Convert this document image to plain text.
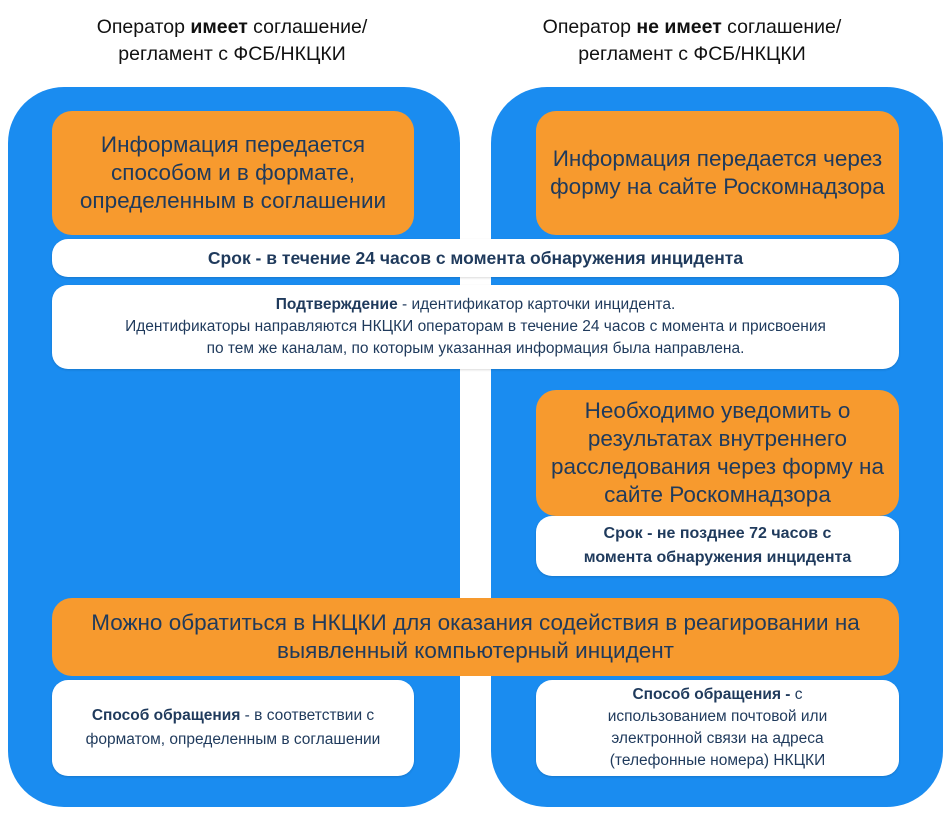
Оператор имеет соглашение/
регламент с ФСБ/НКЦКИ
Оператор не имеет соглашение/
регламент с ФСБ/НКЦКИ
Информация передается способом и в формате, определенным в соглашении
Информация передается через форму на сайте Роскомнадзора
Срок - в течение 24 часов с момента обнаружения инцидента
Подтверждение - идентификатор карточки инцидента.
Идентификаторы направляются НКЦКИ операторам в течение 24 часов с момента и присвоения
по тем же каналам, по которым указанная информация была направлена.
Необходимо уведомить о результатах внутреннего расследования через форму на сайте Роскомнадзора
Срок - не позднее 72 часов с
момента обнаружения инцидента
Можно обратиться в НКЦКИ для оказания содействия в реагировании на выявленный компьютерный инцидент
Способ обращения - в соответствии с
форматом, определенным в соглашении
Способ обращения - с
использованием почтовой или
электронной связи на адреса
(телефонные номера) НКЦКИ
